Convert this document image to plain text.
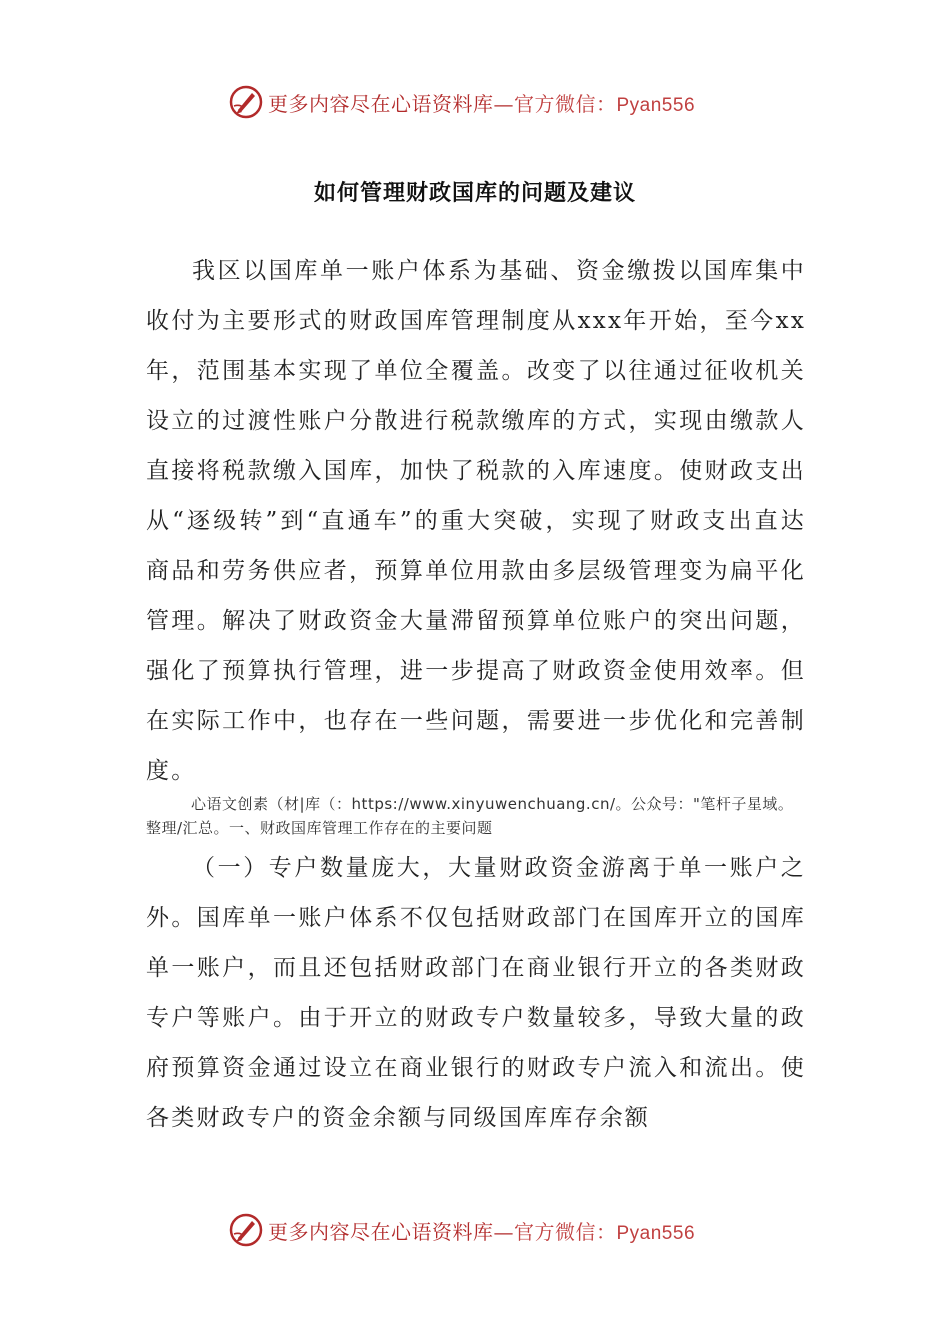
更多内容尽在心语资料库—官方微信：Pyan556
如何管理财政国库的问题及建议

我区以国库单一账户体系为基础、资金缴拨以国库集中收付为主要形式的财政国库管理制度从xxx年开始，至今xx年，范围基本实现了单位全覆盖。改变了以往通过征收机关设立的过渡性账户分散进行税款缴库的方式，实现由缴款人直接将税款缴入国库，加快了税款的入库速度。使财政支出从“逐级转”到“直通车”的重大突破，实现了财政支出直达商品和劳务供应者，预算单位用款由多层级管理变为扁平化管理。解决了财政资金大量滞留预算单位账户的突出问题，强化了预算执行管理，进一步提高了财政资金使用效率。但在实际工作中，也存在一些问题，需要进一步优化和完善制度。

心语文创素（材|库（：https://www.xinyuwenchuang.cn/。公众号："笔杆子星域。整理/汇总。一、财政国库管理工作存在的主要问题

（一）专户数量庞大，大量财政资金游离于单一账户之外。国库单一账户体系不仅包括财政部门在国库开立的国库单一账户，而且还包括财政部门在商业银行开立的各类财政专户等账户。由于开立的财政专户数量较多，导致大量的政府预算资金通过设立在商业银行的财政专户流入和流出。使各类财政专户的资金余额与同级国库库存余额

更多内容尽在心语资料库—官方微信：Pyan556
